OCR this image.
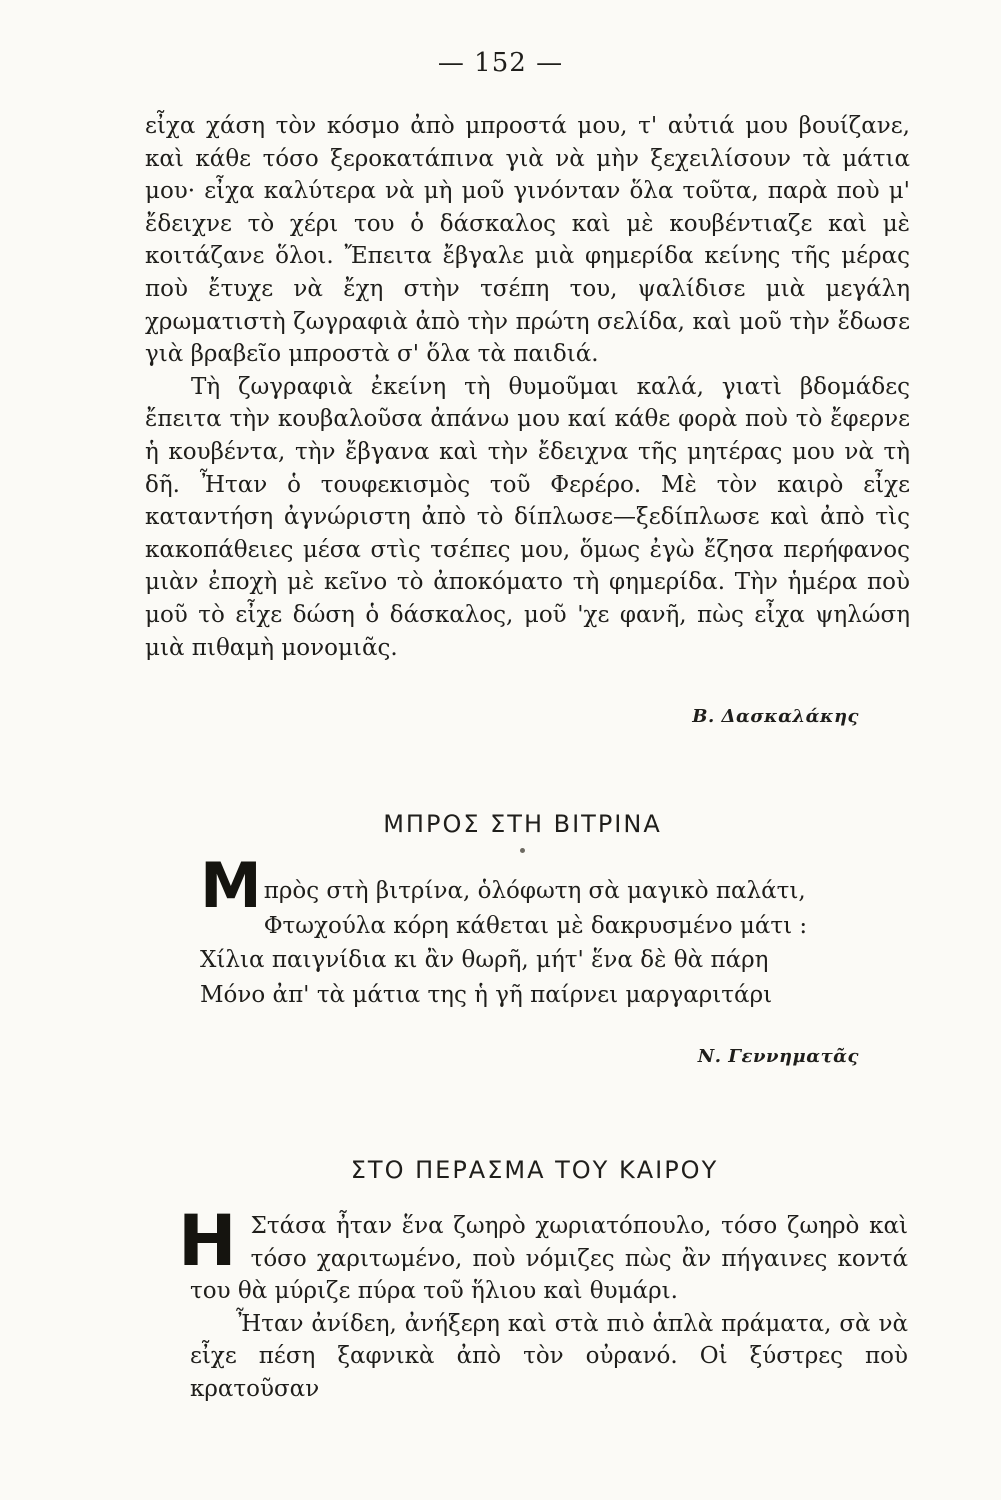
— 152 —

εἶχα χάση τὸν κόσμο ἀπὸ μπροστά μου, τ' αὐτιά μου βουίζανε, καὶ κάθε τόσο ξεροκατάπινα γιὰ νὰ μὴν ξεχειλίσουν τὰ μάτια μου· εἶχα καλύτερα νὰ μὴ μοῦ γινόνταν ὅλα τοῦτα, παρὰ ποὺ μ' ἔδειχνε τὸ χέρι του ὁ δάσκαλος καὶ μὲ κουβέντιαζε καὶ μὲ κοιτάζανε ὅλοι. Ἔπειτα ἔβγαλε μιὰ φημερίδα κείνης τῆς μέρας ποὺ ἔτυχε νὰ ἔχη στὴν τσέπη του, ψαλίδισε μιὰ μεγάλη χρωματιστὴ ζωγραφιὰ ἀπὸ τὴν πρώτη σελίδα, καὶ μοῦ τὴν ἔδωσε γιὰ βραβεῖο μπροστὰ σ' ὅλα τὰ παιδιά.

Τὴ ζωγραφιὰ ἐκείνη τὴ θυμοῦμαι καλά, γιατὶ βδομάδες ἔπειτα τὴν κουβαλοῦσα ἀπάνω μου καί κάθε φορὰ ποὺ τὸ ἔφερνε ἡ κουβέντα, τὴν ἔβγανα καὶ τὴν ἔδειχνα τῆς μητέρας μου νὰ τὴ δῆ. Ἦταν ὁ τουφεκισμὸς τοῦ Φερέρο. Μὲ τὸν καιρὸ εἶχε καταντήση ἀγνώριστη ἀπὸ τὸ δίπλωσε—ξεδίπλωσε καὶ ἀπὸ τὶς κακοπάθειες μέσα στὶς τσέπες μου, ὅμως ἐγὼ ἔζησα περήφανος μιὰν ἐποχὴ μὲ κεῖνο τὸ ἀποκόματο τὴ φημερίδα. Τὴν ἡμέρα ποὺ μοῦ τὸ εἶχε δώση ὁ δάσκαλος, μοῦ 'χε φανῆ, πὼς εἶχα ψηλώση μιὰ πιθαμὴ μονομιᾶς.

Β. Δασκαλάκης
ΜΠΡΟΣ ΣΤΗ ΒΙΤΡΙΝΑ
Μ πρὸς στὴ βιτρίνα, ὁλόφωτη σὰ μαγικὸ παλάτι,
Φτωχούλα κόρη κάθεται μὲ δακρυσμένο μάτι :
Χίλια παιγνίδια κι ἂν θωρῆ, μήτ' ἕνα δὲ θὰ πάρη
Μόνο ἀπ' τὰ μάτια της ἡ γῆ παίρνει μαργαριτάρι
Ν. Γεννηματᾶς
ΣΤΟ ΠΕΡΑΣΜΑ ΤΟΥ ΚΑΙΡΟΥ

Η Στάσα ἦταν ἕνα ζωηρὸ χωριατόπουλο, τόσο ζωηρὸ καὶ τόσο χαριτωμένο, ποὺ νόμιζες πὼς ἂν πήγαινες κοντά του θὰ μύριζε πύρα τοῦ ἥλιου καὶ θυμάρι.

Ἦταν ἀνίδεη, ἀνήξερη καὶ στὰ πιὸ ἁπλὰ πράματα, σὰ νὰ εἶχε πέση ξαφνικὰ ἀπὸ τὸν οὐρανό. Οἱ ξύστρες ποὺ κρατοῦσαν
